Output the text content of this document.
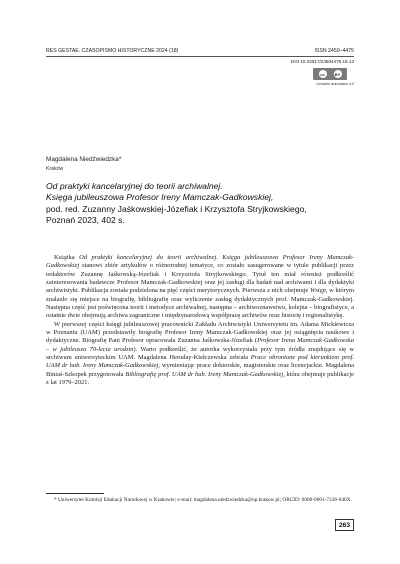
RES GESTAE. CZASOPISMO HISTORYCZNE 2024 (18)	ISSN 2450–4475
DOI 10.24917/24504475.18.13
cc	BY
Uznanie autorstwa 4.0
Magdalena Niedźwiedzka*
Kraków
Od praktyki kancelaryjnej do teorii archiwalnej.
Księga jubileuszowa Profesor Ireny Mamczak-Gadkowskiej,
pod. red. Zuzanny Jaśkowskiej-Józefiak i Krzysztofa Stryjkowskiego,
Poznań 2023, 402 s.

Książka Od praktyki kancelaryjnej do teorii archiwalnej. Księga jubileuszowa Profesor Ireny Mamczak-Gadkowskiej stanowi zbiór artykułów o różnorodnej tematyce, co zostało zasugerowane w tytule publikacji przez redaktorów Zuzannę Jaśkowską-Józefiak i Krzysztofa Stryjkowskiego. Tytuł ten miał również podkreślić zainteresowania badawcze Profesor Mamczak-Gadkowskiej oraz jej zasługi dla badań nad archiwami i dla dydaktyki archiwistyki. Publikacja została podzielona na pięć części merytorycznych. Pierwsza z nich obejmuje Wstęp, w którym znalazło się miejsce na biografię, bibliografię oraz wyliczenie zasług dydaktycznych prof. Mamczak-Gadkowskiej. Następna część jest poświęcona teorii i metodyce archiwalnej, następna – archiwoznawstwu, kolejna – biografistyce, a ostatnie dwie obejmują archiwa zagraniczne i międzynarodową współpracę archiwów oraz historię i regionalistykę.

W pierwszej części księgi jubileuszowej pracownicki Zakładu Archiwistyki Uniwersytetu im. Adama Mickiewicza w Poznaniu (UAM) przedstawiły biografię Profesor Ireny Mamczak-Gadkowskiej oraz jej osiągnięcia naukowe i dydaktyczne. Biografię Pani Profesor opracowała Zuzanna Jaśkowska-Józefiak (Profesor Irena Mamczak-Gadkowska – w jubileuszu 70-lecia urodzin). Warto podkreślić, że autorka wykorzystała przy tym źródła znajdujące się w archiwum uniwersyteckim UAM. Magdalena Heruday-Kiełczewska zebrała Prace obronione pod kierunkiem prof. UAM dr hab. Ireny Mamczak-Gadkowskiej, wymieniając prace doktorskie, magisterskie oraz licencjackie. Magdalena Biniaś-Szkopek przygotowała Bibliografię prof. UAM dr hab. Ireny Mamczak-Gadkowskiej, która obejmuje publikacje z lat 1979–2021.

* Uniwersytet Komisji Edukacji Narodowej w Krakowie; e-mail: magdalena.niedzwiedzka@up.krakow.pl; ORCID: 0000-0001-7336-046X.
263
